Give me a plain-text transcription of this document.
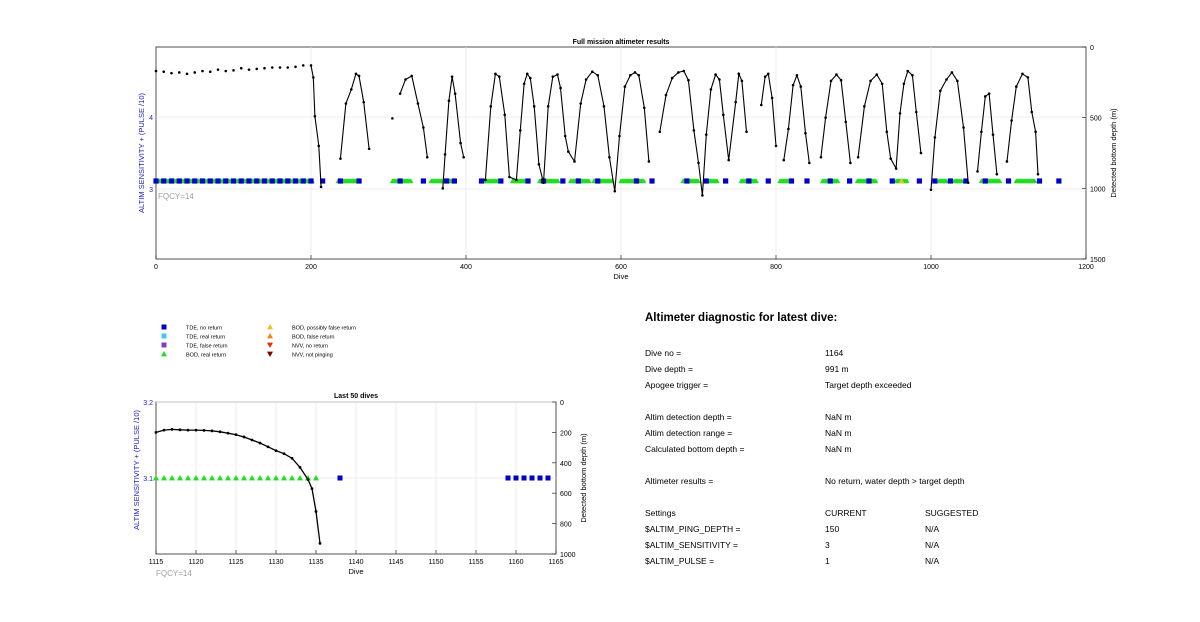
Full mission altimeter results
0	200	400	600	800	1000	1200
3
4
0
500
1000
1500
FQCY=14
Dive
ALTIM SENSITIVITY + (PULSE /10)	Detected bottom depth (m)
TDE, no return
TDE, real return
TDE, false return
BOD, real return
BOD, possibly false return
BOD, false return
NVV, no return
NVV, not pinging
Last 50 dives
1115	1120	1125	1130	1135	1140	1145	1150	1155	1160	1165
3.1
3.2	0
200
400
600
800
1000
FQCY=14	Dive
ALTIM SENSITIVITY + (PULSE /10)	Detected bottom depth (m)
Altimeter diagnostic for latest dive:
Dive no =	1164
Dive depth =	991 m
Apogee trigger =	Target depth exceeded
Altim detection depth =	NaN m
Altim detection range =	NaN m
Calculated bottom depth =	NaN m
Altimeter results =	No return, water depth > target depth
Settings	CURRENT	SUGGESTED
$ALTIM_PING_DEPTH =	150	N/A
$ALTIM_SENSITIVITY =	3	N/A
$ALTIM_PULSE =	1	N/A
